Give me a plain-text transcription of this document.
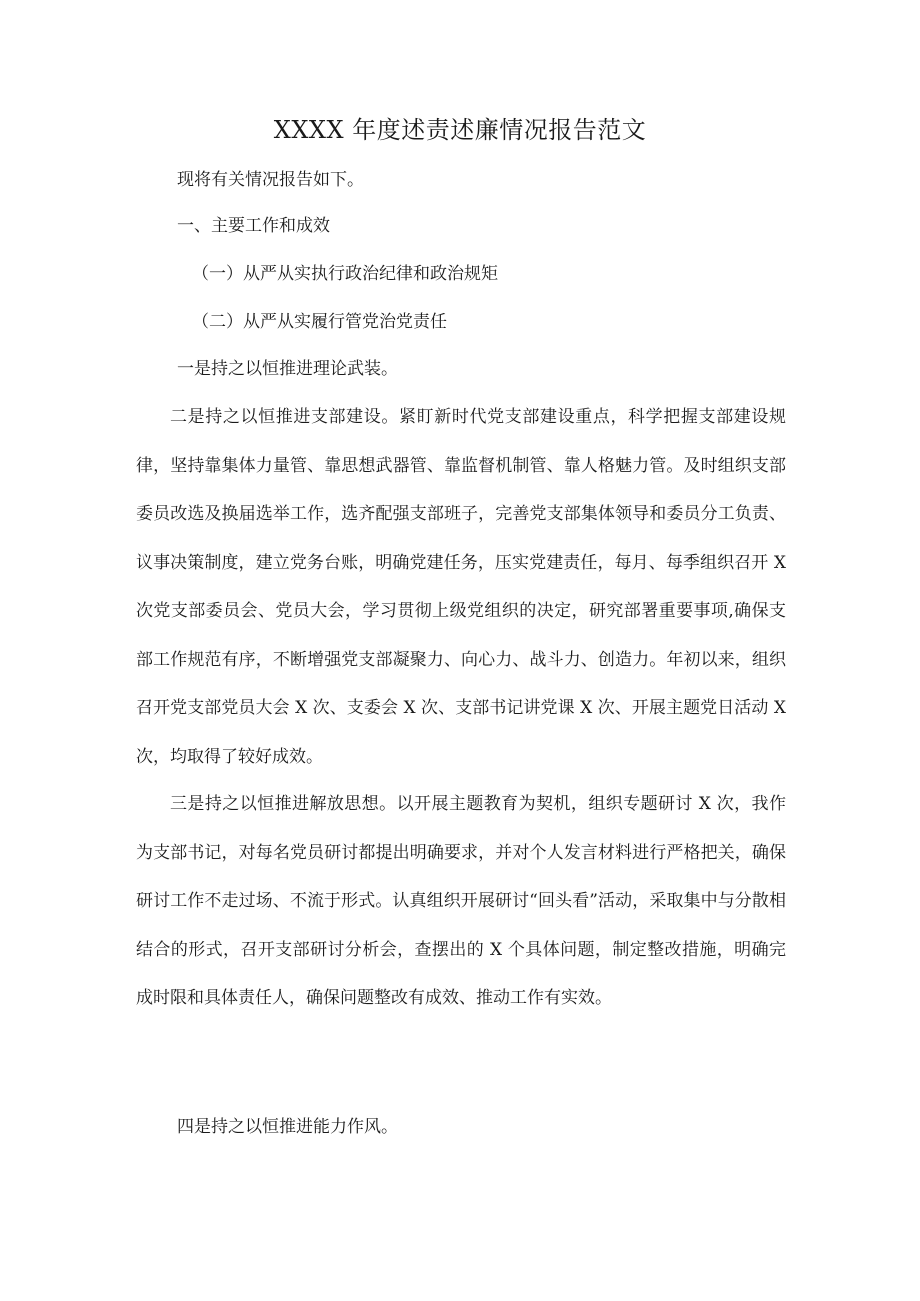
XXXX 年度述责述廉情况报告范文
现将有关情况报告如下。
一、主要工作和成效
（一）从严从实执行政治纪律和政治规矩
（二）从严从实履行管党治党责任
一是持之以恒推进理论武装。

二是持之以恒推进支部建设。紧盯新时代党支部建设重点，科学把握支部建设规律，坚持靠集体力量管、靠思想武器管、靠监督机制管、靠人格魅力管。及时组织支部委员改选及换届选举工作，选齐配强支部班子，完善党支部集体领导和委员分工负责、议事决策制度，建立党务台账，明确党建任务，压实党建责任，每月、每季组织召开 X 次党支部委员会、党员大会，学习贯彻上级党组织的决定，研究部署重要事项,确保支部工作规范有序，不断增强党支部凝聚力、向心力、战斗力、创造力。年初以来，组织召开党支部党员大会 X 次、支委会 X 次、支部书记讲党课 X 次、开展主题党日活动 X 次，均取得了较好成效。

三是持之以恒推进解放思想。以开展主题教育为契机，组织专题研讨 X 次，我作为支部书记，对每名党员研讨都提出明确要求，并对个人发言材料进行严格把关，确保研讨工作不走过场、不流于形式。认真组织开展研讨“回头看”活动，采取集中与分散相结合的形式，召开支部研讨分析会，查摆出的 X 个具体问题，制定整改措施，明确完成时限和具体责任人，确保问题整改有成效、推动工作有实效。

四是持之以恒推进能力作风。
